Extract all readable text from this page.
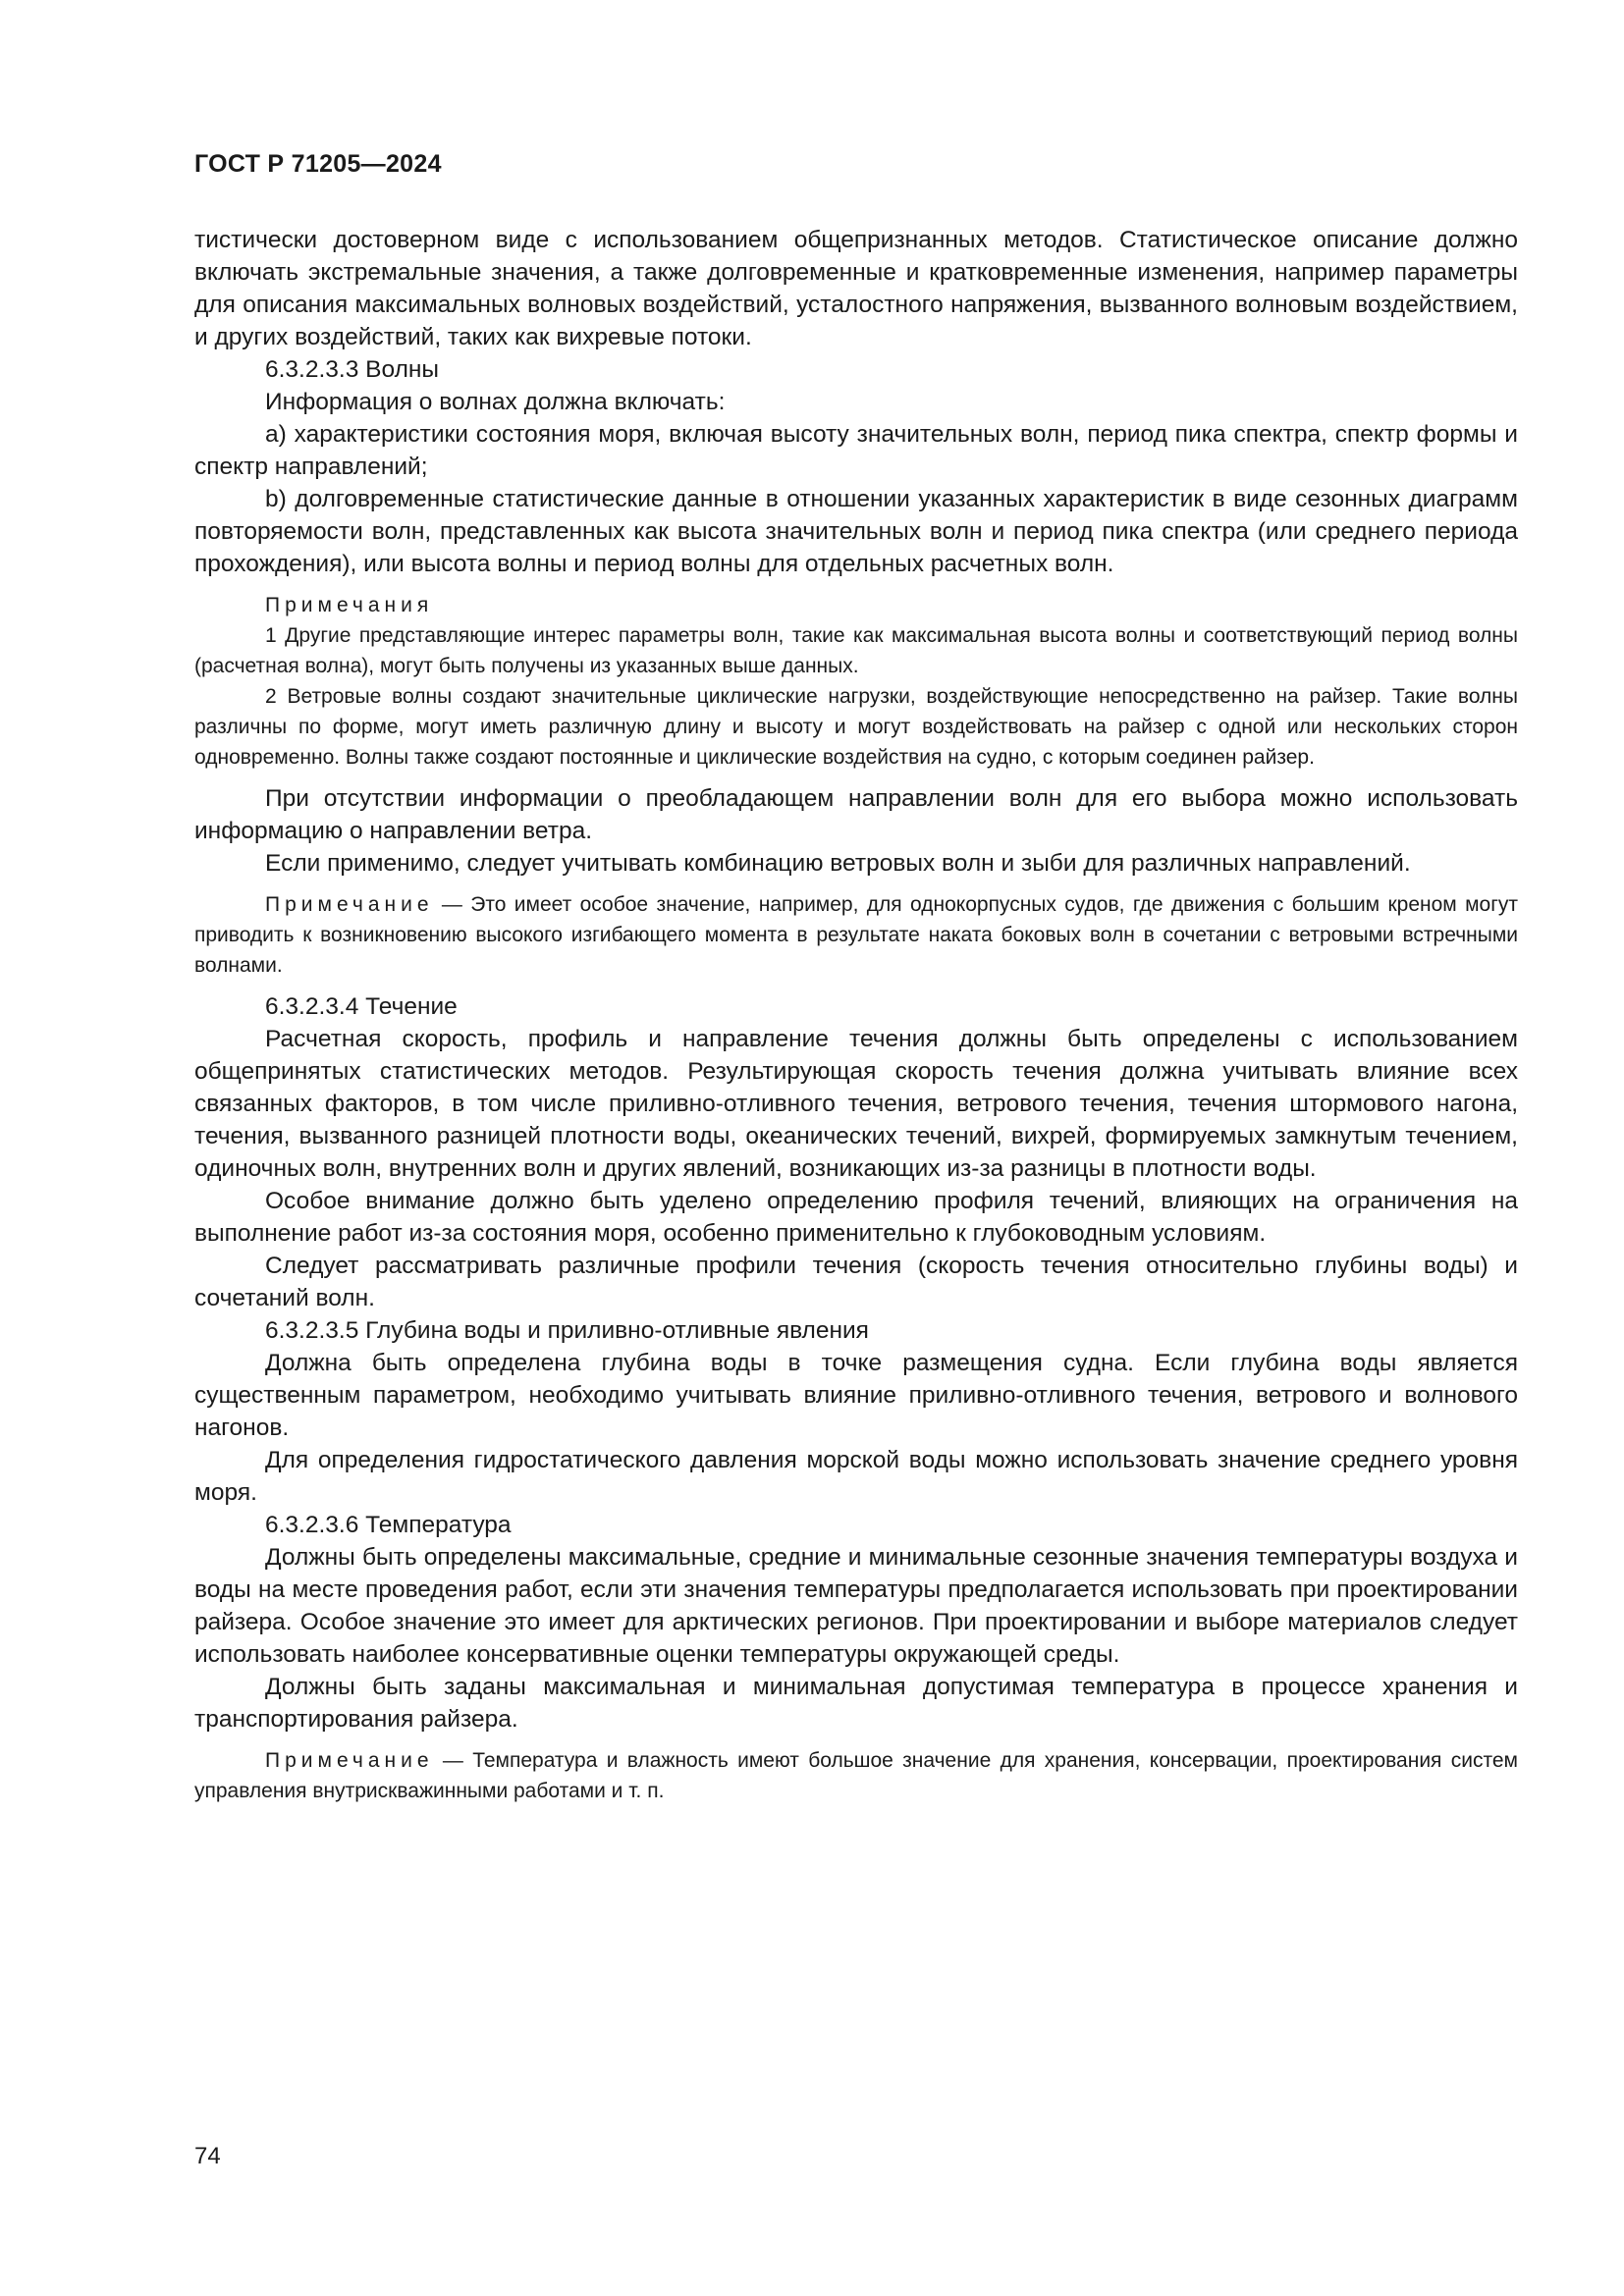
ГОСТ Р 71205—2024

тистически достоверном виде с использованием общепризнанных методов. Статистическое описание должно включать экстремальные значения, а также долговременные и кратковременные изменения, например параметры для описания максимальных волновых воздействий, усталостного напряжения, вызванного волновым воздействием, и других воздействий, таких как вихревые потоки.

6.3.2.3.3 Волны

Информация о волнах должна включать:

a) характеристики состояния моря, включая высоту значительных волн, период пика спектра, спектр формы и спектр направлений;

b) долговременные статистические данные в отношении указанных характеристик в виде сезонных диаграмм повторяемости волн, представленных как высота значительных волн и период пика спектра (или среднего периода прохождения), или высота волны и период волны для отдельных расчетных волн.

Примечания

1 Другие представляющие интерес параметры волн, такие как максимальная высота волны и соответствующий период волны (расчетная волна), могут быть получены из указанных выше данных.

2 Ветровые волны создают значительные циклические нагрузки, воздействующие непосредственно на райзер. Такие волны различны по форме, могут иметь различную длину и высоту и могут воздействовать на райзер с одной или нескольких сторон одновременно. Волны также создают постоянные и циклические воздействия на судно, с которым соединен райзер.

При отсутствии информации о преобладающем направлении волн для его выбора можно использовать информацию о направлении ветра.

Если применимо, следует учитывать комбинацию ветровых волн и зыби для различных направлений.

Примечание — Это имеет особое значение, например, для однокорпусных судов, где движения с большим креном могут приводить к возникновению высокого изгибающего момента в результате наката боковых волн в сочетании с ветровыми встречными волнами.

6.3.2.3.4 Течение

Расчетная скорость, профиль и направление течения должны быть определены с использованием общепринятых статистических методов. Результирующая скорость течения должна учитывать влияние всех связанных факторов, в том числе приливно-отливного течения, ветрового течения, течения штормового нагона, течения, вызванного разницей плотности воды, океанических течений, вихрей, формируемых замкнутым течением, одиночных волн, внутренних волн и других явлений, возникающих из-за разницы в плотности воды.

Особое внимание должно быть уделено определению профиля течений, влияющих на ограничения на выполнение работ из-за состояния моря, особенно применительно к глубоководным условиям.

Следует рассматривать различные профили течения (скорость течения относительно глубины воды) и сочетаний волн.

6.3.2.3.5 Глубина воды и приливно-отливные явления

Должна быть определена глубина воды в точке размещения судна. Если глубина воды является существенным параметром, необходимо учитывать влияние приливно-отливного течения, ветрового и волнового нагонов.

Для определения гидростатического давления морской воды можно использовать значение среднего уровня моря.

6.3.2.3.6 Температура

Должны быть определены максимальные, средние и минимальные сезонные значения температуры воздуха и воды на месте проведения работ, если эти значения температуры предполагается использовать при проектировании райзера. Особое значение это имеет для арктических регионов. При проектировании и выборе материалов следует использовать наиболее консервативные оценки температуры окружающей среды.

Должны быть заданы максимальная и минимальная допустимая температура в процессе хранения и транспортирования райзера.

Примечание — Температура и влажность имеют большое значение для хранения, консервации, проектирования систем управления внутрискважинными работами и т. п.

74
